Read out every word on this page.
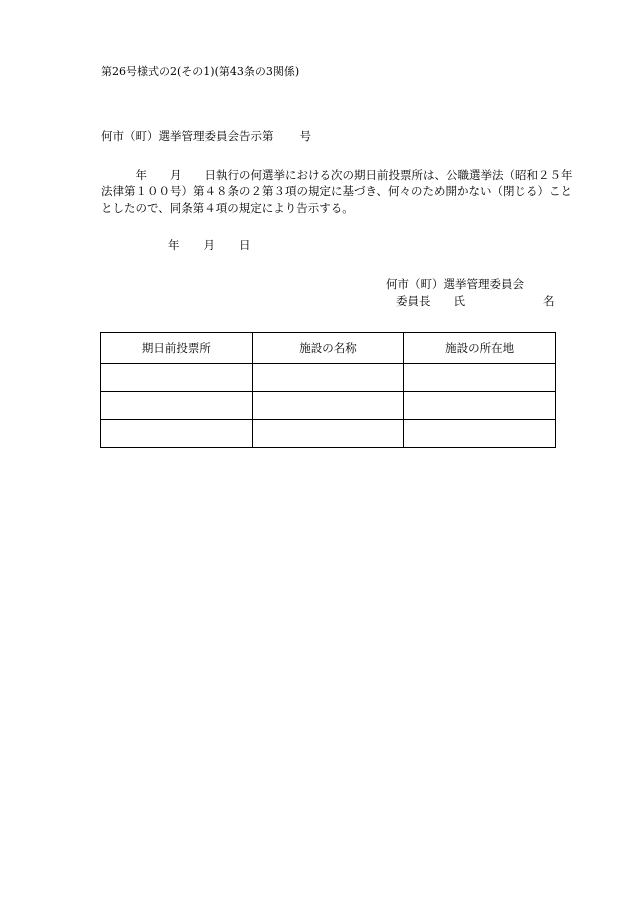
第26号様式の2(その1)(第43条の3関係)
何市（町）選挙管理委員会告示第 号
　　　年　　月　　日執行の何選挙における次の期日前投票所は、公職選挙法（昭和２５年
法律第１００号）第４８条の２第３項の規定に基づき、何々のため開かない（閉じる）こと
としたので、同条第４項の規定により告示する。
年 月 日
何市（町）選挙管理委員会
委員長　　氏	名
期日前投票所	施設の名称	施設の所在地
